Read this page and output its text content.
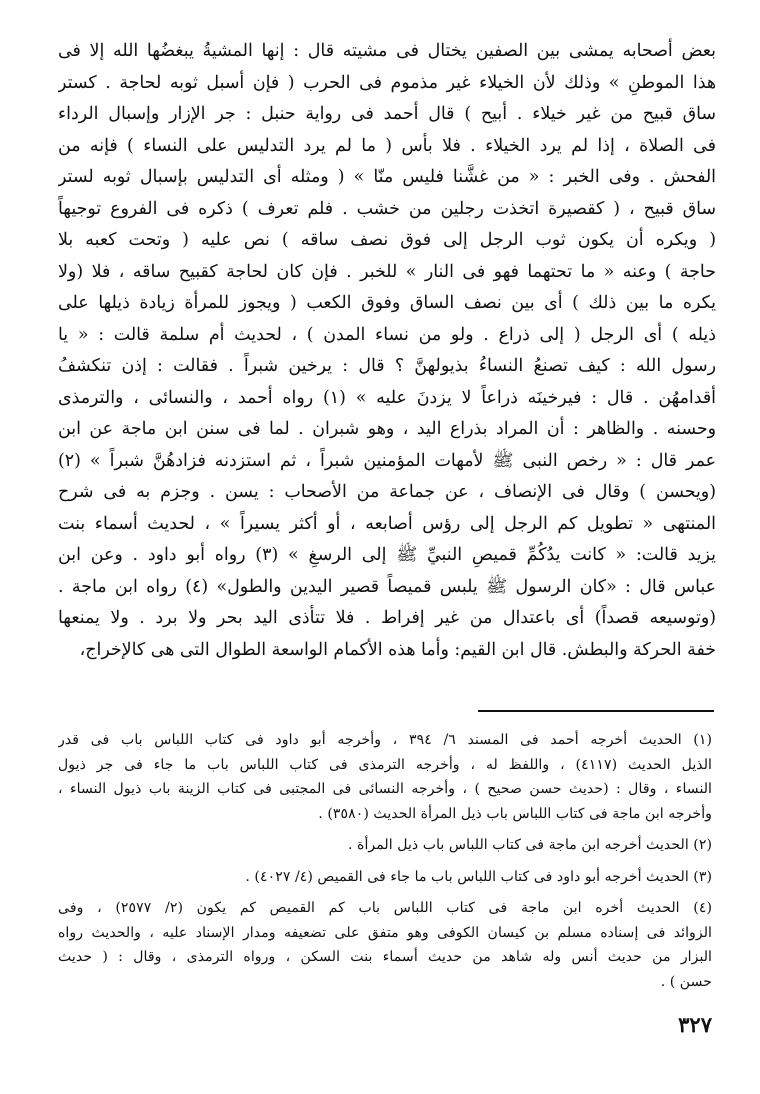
بعض أصحابه يمشى بين الصفين يختال فى مشيته قال : إنها المشيةُ يبغضُها الله إلا فى
هذا الموطنِ » وذلك لأن الخيلاء غير مذموم فى الحرب ( فإن أسبل ثوبه لحاجة . كستر
ساق قبيح من غير خيلاء . أبيح ) قال أحمد فى رواية حنبل : جر الإزار وإسبال الرداء
فى الصلاة ، إذا لم يرد الخيلاء . فلا بأس ( ما لم يرد التدليس على النساء ) فإنه من
الفحش . وفى الخبر : « من غشَّنا فليس منّا » ( ومثله أى التدليس بإسبال ثوبه لستر
ساق قبيح ، ( كقصيرة اتخذت رجلين من خشب . فلم تعرف ) ذكره فى الفروع توجيهاً
( ويكره أن يكون ثوب الرجل إلى فوق نصف ساقه ) نص عليه ( وتحت كعبه بلا
حاجة ) وعنه « ما تحتهما فهو فى النار » للخبر . فإن كان لحاجة كقبيح ساقه ، فلا (ولا
يكره ما بين ذلك ) أى بين نصف الساق وفوق الكعب ( ويجوز للمرأة زيادة ذيلها على
ذيله ) أى الرجل ( إلى ذراع . ولو من نساء المدن ) ، لحديث أم سلمة قالت : « يا
رسول الله : كيف تصنعُ النساءُ بذيولهنَّ ؟ قال : يرخين شبراً . فقالت : إذن تنكشفُ
أقدامهُن . قال : فيرخينَه ذراعاً لا يزدنَ عليه » (١) رواه أحمد ، والنسائى ، والترمذى
وحسنه . والظاهر : أن المراد بذراع اليد ، وهو شبران . لما فى سنن ابن ماجة عن ابن
عمر قال : « رخص النبى ﷺ لأمهات المؤمنين شبراً ، ثم استزدنه فزادهُنَّ شبراً » (٢)
(ويحسن ) وقال فى الإنصاف ، عن جماعة من الأصحاب : يسن . وجزم به فى شرح
المنتهى « تطويل كم الرجل إلى رؤس أصابعه ، أو أكثر يسيراً » ، لحديث أسماء بنت
يزيد قالت: « كانت يدُكُمِّ قميصِ النبيِّ ﷺ إلى الرسغِ » (٣) رواه أبو داود . وعن ابن
عباس قال : «كان الرسول ﷺ يلبس قميصاً قصير اليدين والطول» (٤) رواه ابن ماجة .
(وتوسيعه قصداً) أى باعتدال من غير إفراط . فلا تتأذى اليد بحر ولا برد . ولا يمنعها
خفة الحركة والبطش. قال ابن القيم: وأما هذه الأكمام الواسعة الطوال التى هى كالإخراج،
(١) الحديث أخرجه أحمد فى المسند ٦/ ٣٩٤ ، وأخرجه أبو داود فى كتاب اللباس باب فى قدر
الذيل الحديث (٤١١٧) ، واللفظ له ، وأخرجه الترمذى فى كتاب اللباس باب ما جاء فى جر ذيول
النساء ، وقال : (حديث حسن صحيح ) ، وأخرجه النسائى فى المجتبى فى كتاب الزينة باب ذيول النساء ،
وأخرجه ابن ماجة فى كتاب اللباس باب ذيل المرأة الحديث (٣٥٨٠) .
(٢) الحديث أخرجه ابن ماجة فى كتاب اللباس باب ذيل المرأة .
(٣) الحديث أخرجه أبو داود فى كتاب اللباس باب ما جاء فى القميص (٤/ ٤٠٢٧) .
(٤) الحديث أخره ابن ماجة فى كتاب اللباس باب كم القميص كم يكون (٢/ ٢٥٧٧) ، وفى
الزوائد فى إسناده مسلم بن كيسان الكوفى وهو متفق على تضعيفه ومدار الإسناد عليه ، والحديث رواه
البزار من حديث أنس وله شاهد من حديث أسماء بنت السكن ، ورواه الترمذى ، وقال : ( حديث
حسن ) .
٣٢٧
